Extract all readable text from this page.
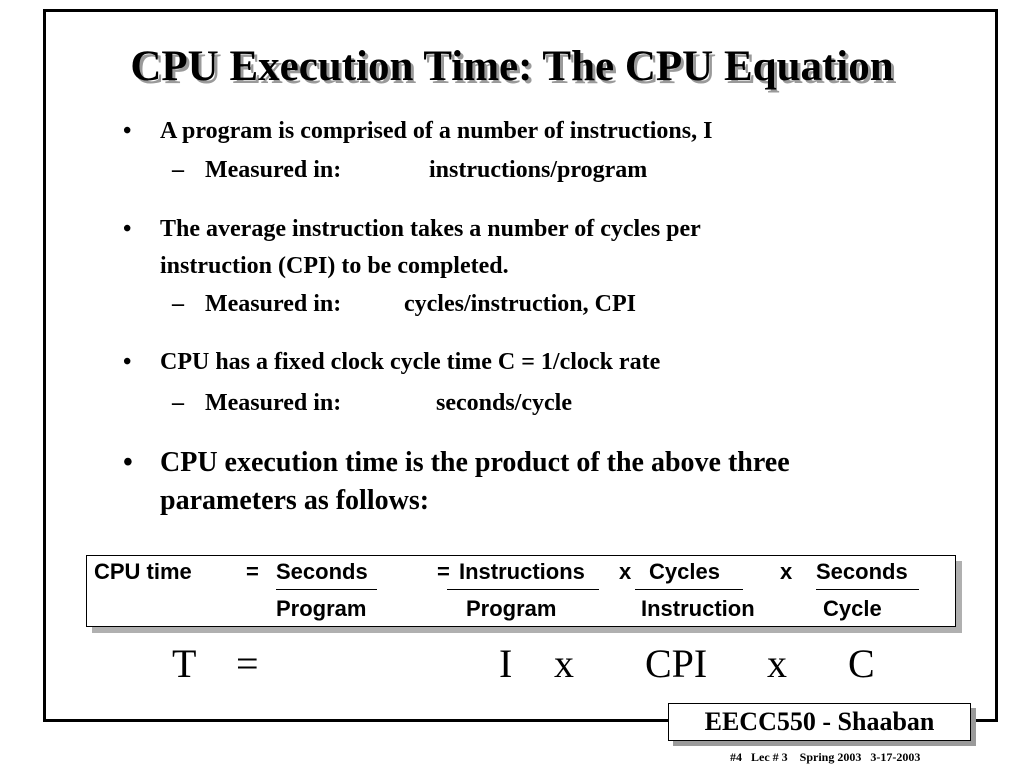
CPU Execution Time: The CPU Equation
• A program is comprised of a number of instructions, I
– Measured in:	instructions/program
• The average instruction takes a number of cycles per
instruction (CPI) to be completed.
– Measured in:	cycles/instruction, CPI
• CPU has a fixed clock cycle time C = 1/clock rate
– Measured in:	seconds/cycle
• CPU execution time is the product of the above three
parameters as follows:
CPU time = Seconds
Program
= Instructions
Program
x Cycles
Instruction
x Seconds
Cycle
T =	I x CPI x C
EECC550 - Shaaban
#4   Lec # 3    Spring 2003   3-17-2003
